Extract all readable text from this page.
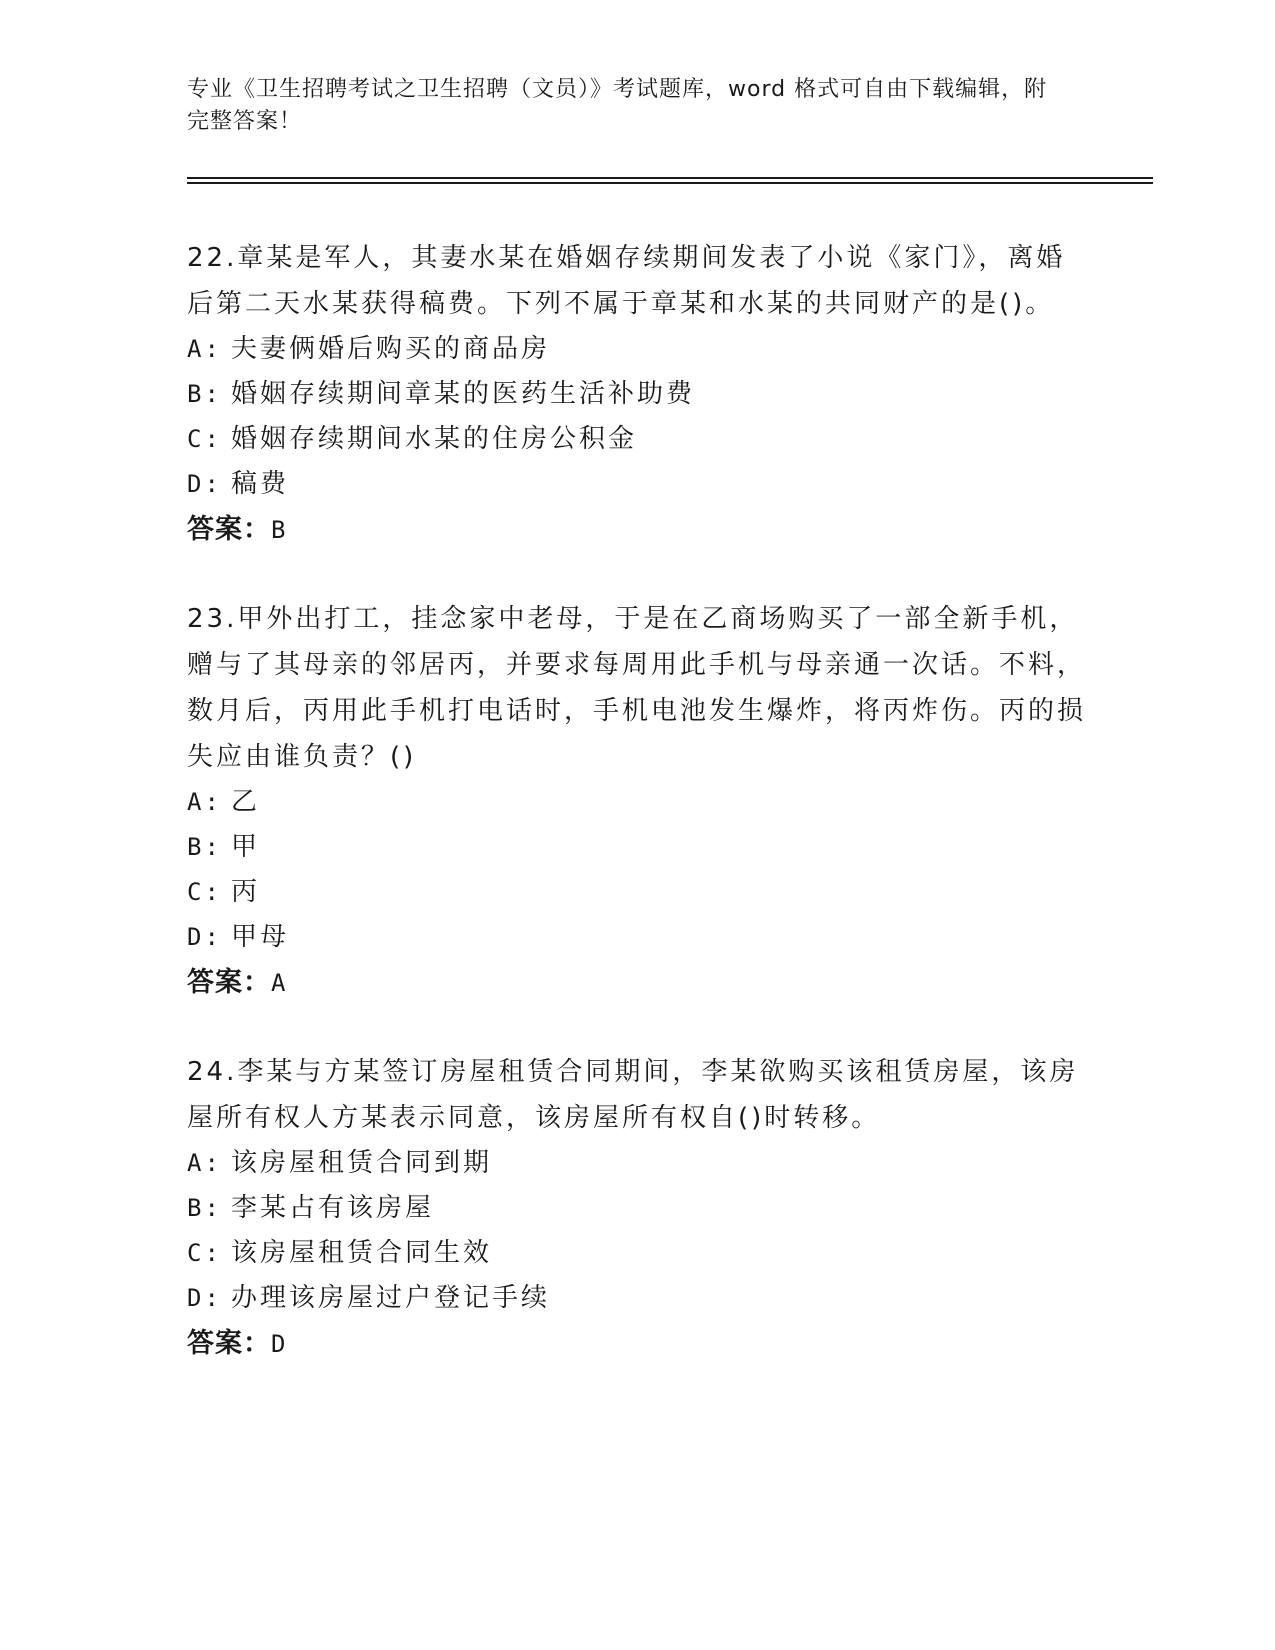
专业《卫生招聘考试之卫生招聘（文员）》考试题库，word 格式可自由下载编辑，附完整答案！

22.章某是军人，其妻水某在婚姻存续期间发表了小说《家门》，离婚后第二天水某获得稿费。下列不属于章某和水某的共同财产的是()。

A: 夫妻俩婚后购买的商品房
B: 婚姻存续期间章某的医药生活补助费
C: 婚姻存续期间水某的住房公积金
D: 稿费

答案：B

23.甲外出打工，挂念家中老母，于是在乙商场购买了一部全新手机，赠与了其母亲的邻居丙，并要求每周用此手机与母亲通一次话。不料，数月后，丙用此手机打电话时，手机电池发生爆炸，将丙炸伤。丙的损失应由谁负责？()

A: 乙
B: 甲
C: 丙
D: 甲母

答案：A

24.李某与方某签订房屋租赁合同期间，李某欲购买该租赁房屋，该房屋所有权人方某表示同意，该房屋所有权自()时转移。

A: 该房屋租赁合同到期
B: 李某占有该房屋
C: 该房屋租赁合同生效
D: 办理该房屋过户登记手续

答案：D
